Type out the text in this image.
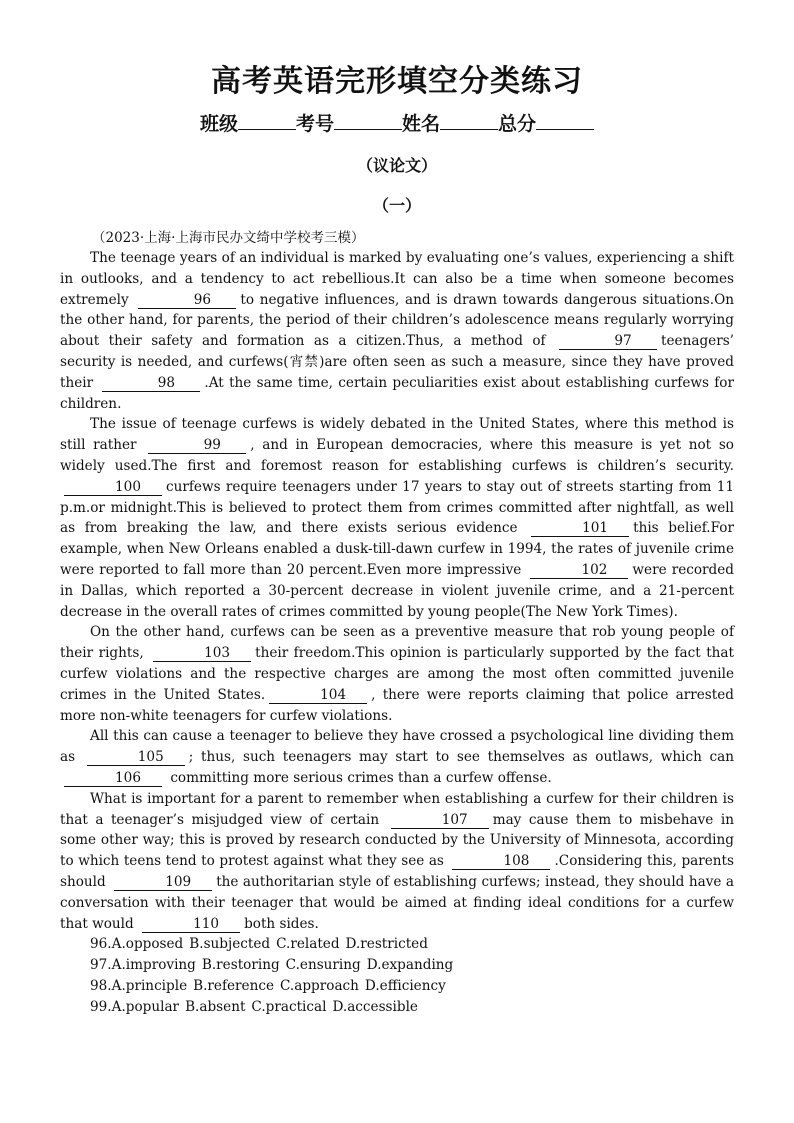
高考英语完形填空分类练习
班级	考号	姓名	总分
（议论文）
（一）
（2023·上海·上海市民办文绮中学校考三模）

The teenage years of an individual is marked by evaluating one’s values, experiencing a shift in outlooks, and a tendency to act rebellious.It can also be a time when someone becomes extremely	96 to negative influences, and is drawn towards dangerous situations.On the other hand, for parents, the period of their children’s adolescence means regularly worrying about their safety and formation as a citizen.Thus, a method of	97 teenagers’ security is needed, and curfews(宵禁)are often seen as such a measure, since they have proved their	98 .At the same time, certain peculiarities exist about establishing curfews for children.

The issue of teenage curfews is widely debated in the United States, where this method is still rather	99 , and in European democracies, where this measure is yet not so widely used.The first and foremost reason for establishing curfews is children’s security.100 curfews require teenagers under 17 years to stay out of streets starting from 11 p.m.or midnight.This is believed to protect them from crimes committed after nightfall, as well as from breaking the law, and there exists serious evidence	101 this belief.For example, when New Orleans enabled a dusk-till-dawn curfew in 1994, the rates of juvenile crime were reported to fall more than 20 percent.Even more impressive	102 were recorded in Dallas, which reported a 30-percent decrease in violent juvenile crime, and a 21-percent decrease in the overall rates of crimes committed by young people(The New York Times).

On the other hand, curfews can be seen as a preventive measure that rob young people of their rights,	103 their freedom.This opinion is particularly supported by the fact that curfew violations and the respective charges are among the most often committed juvenile crimes in the United States.	104 , there were reports claiming that police arrested more non-white teenagers for curfew violations.

All this can cause a teenager to believe they have crossed a psychological line dividing them as	105 ; thus, such teenagers may start to see themselves as outlaws, which can 106 committing more serious crimes than a curfew offense.

What is important for a parent to remember when establishing a curfew for their children is that a teenager’s misjudged view of certain	107 may cause them to misbehave in some other way; this is proved by research conducted by the University of Minnesota, according to which teens tend to protest against what they see as	108 .Considering this, parents should	109 the authoritarian style of establishing curfews; instead, they should have a conversation with their teenager that would be aimed at finding ideal conditions for a curfew that would	110 both sides.

96.A.opposed B.subjected C.related D.restricted
97.A.improving B.restoring C.ensuring D.expanding
98.A.principle B.reference C.approach D.efficiency
99.A.popular B.absent C.practical D.accessible
